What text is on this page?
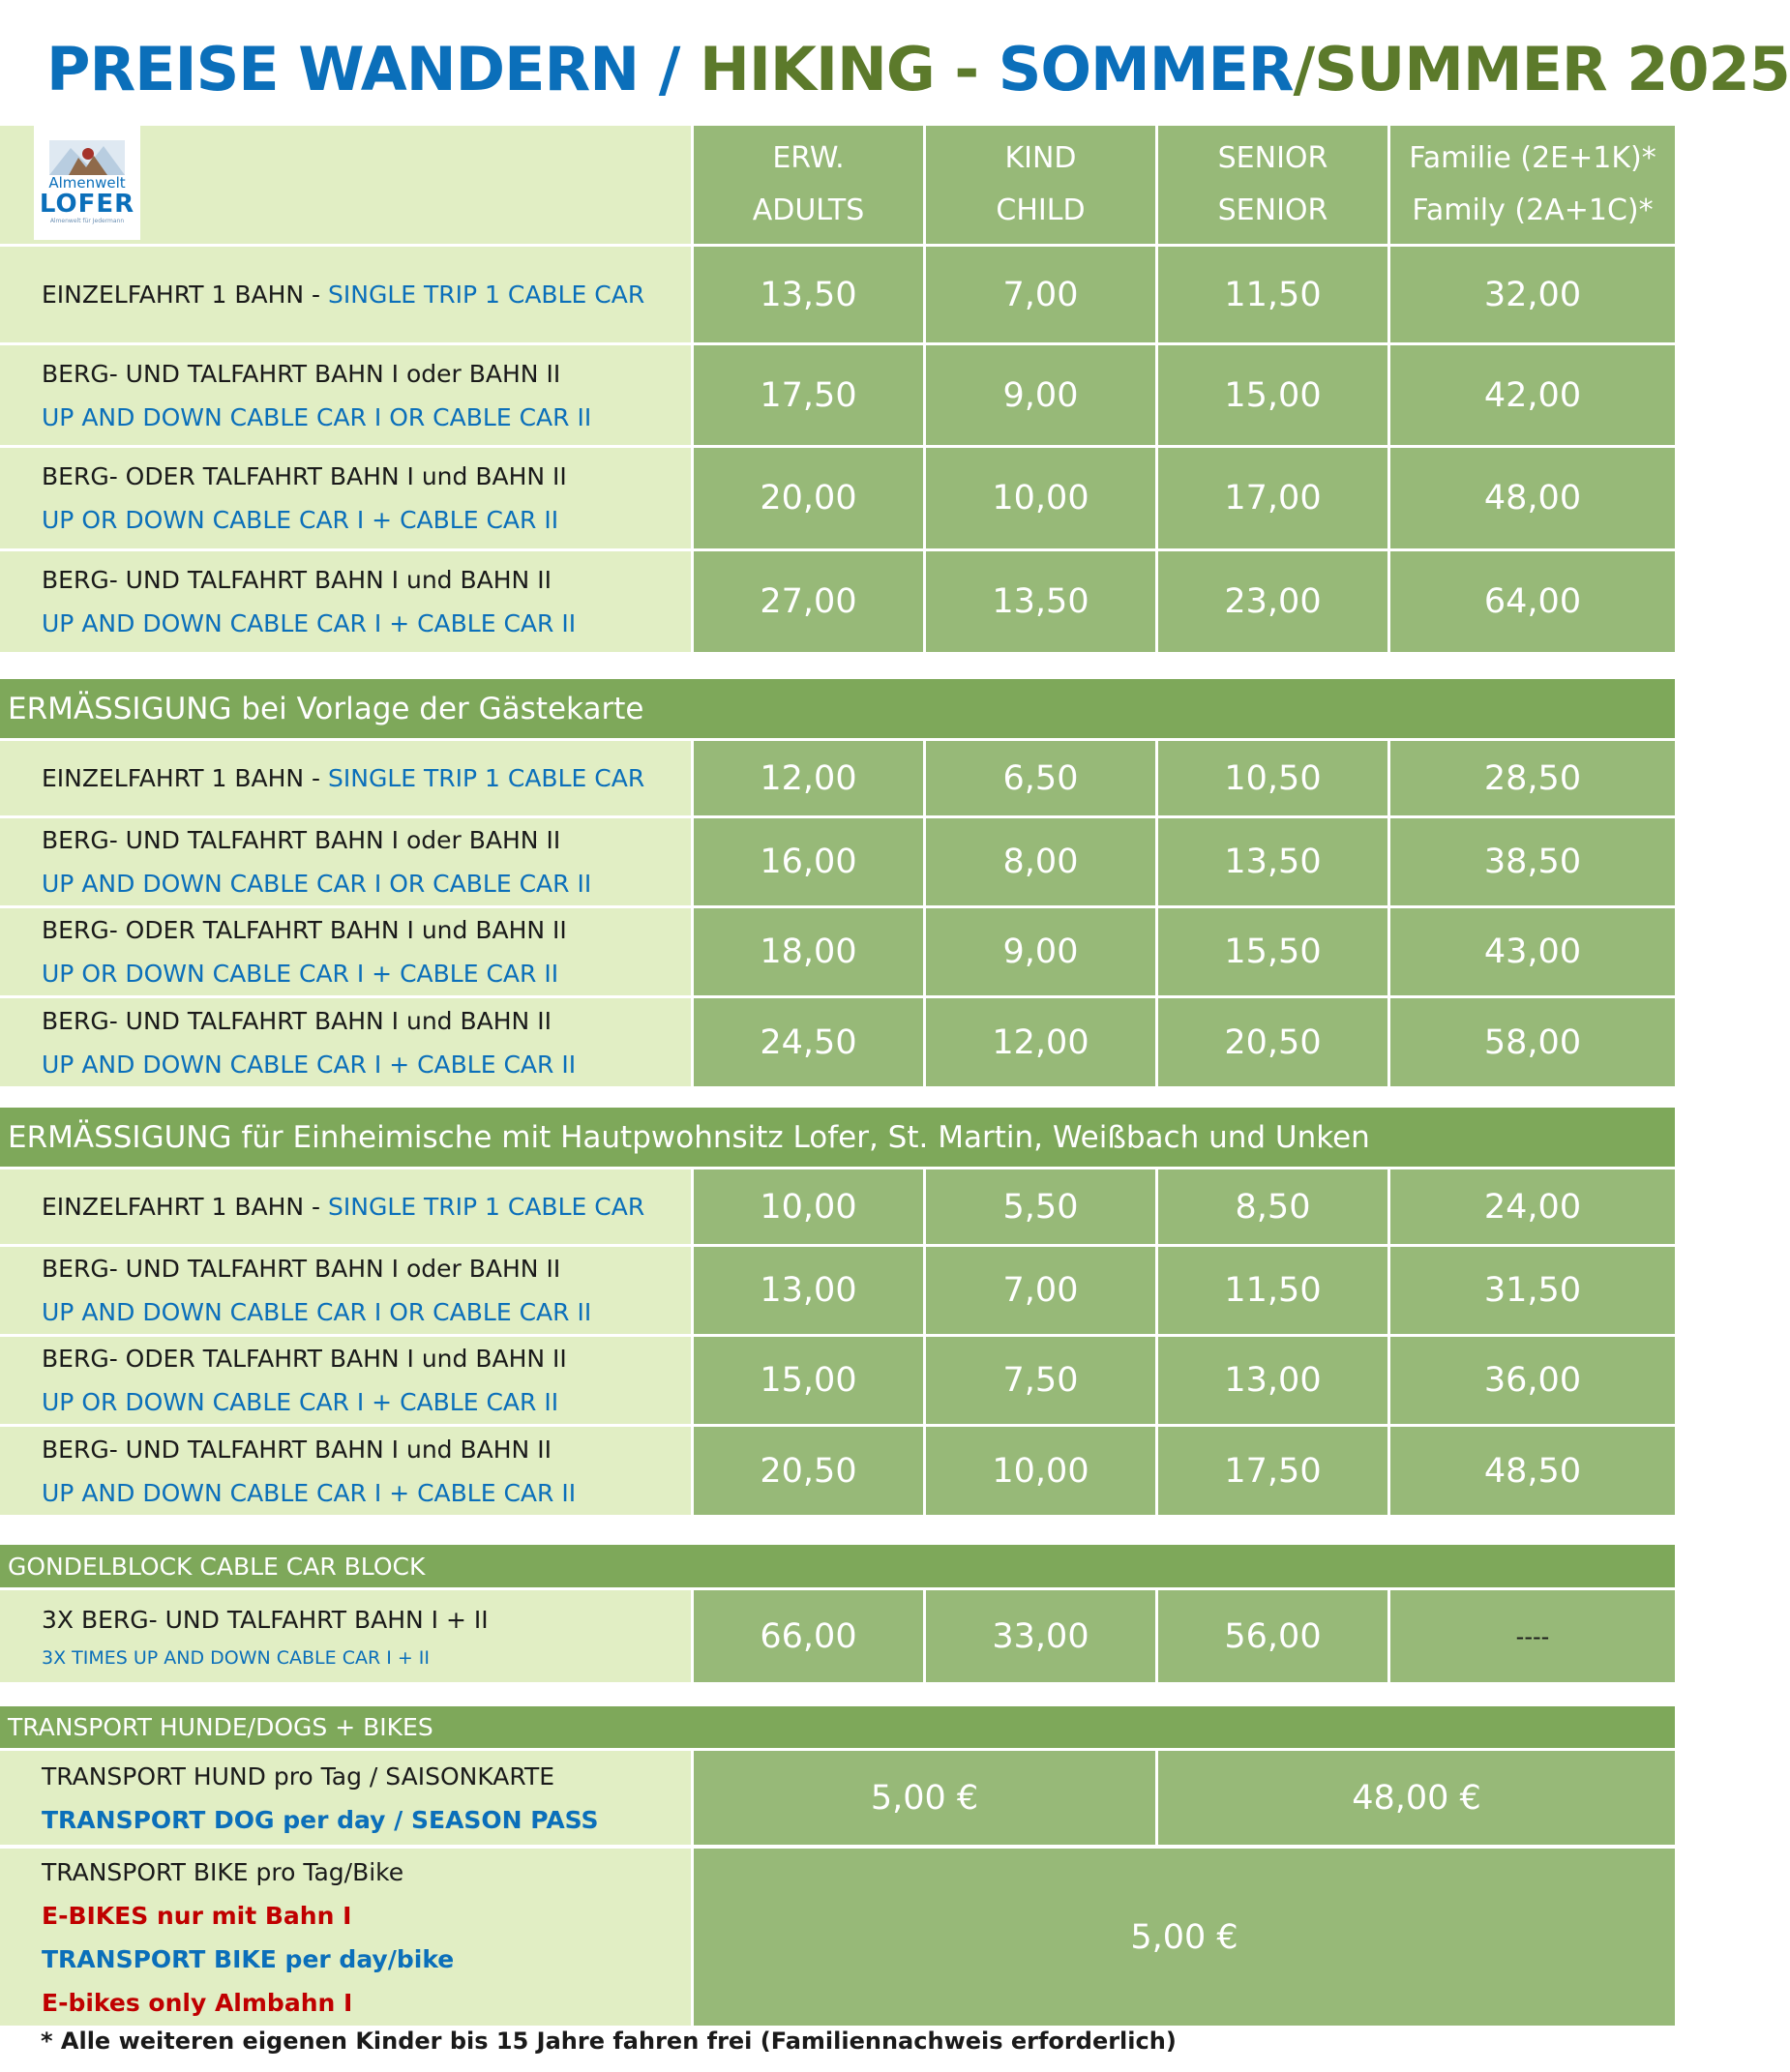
PREISE WANDERN / HIKING - SOMMER/SUMMER 2025
ERW.
ADULTS
KIND
CHILD
SENIOR
SENIOR
Familie (2E+1K)*
Family (2A+1C)*
Almenwelt
LOFER
Almenwelt für Jedermann
EINZELFAHRT 1 BAHN - SINGLE TRIP 1 CABLE CAR	13,50	7,00	11,50	32,00
BERG- UND TALFAHRT BAHN I oder BAHN II
UP AND DOWN CABLE CAR I OR CABLE CAR II
17,50	9,00	15,00	42,00
BERG- ODER TALFAHRT BAHN I und BAHN II
UP OR DOWN CABLE CAR I + CABLE CAR II
20,00	10,00	17,00	48,00
BERG- UND TALFAHRT BAHN I und BAHN II
UP AND DOWN CABLE CAR I + CABLE CAR II
27,00	13,50	23,00	64,00
ERMÄSSIGUNG bei Vorlage der Gästekarte
EINZELFAHRT 1 BAHN - SINGLE TRIP 1 CABLE CAR	12,00	6,50	10,50	28,50
BERG- UND TALFAHRT BAHN I oder BAHN II
UP AND DOWN CABLE CAR I OR CABLE CAR II
16,00	8,00	13,50	38,50
BERG- ODER TALFAHRT BAHN I und BAHN II
UP OR DOWN CABLE CAR I + CABLE CAR II
18,00	9,00	15,50	43,00
BERG- UND TALFAHRT BAHN I und BAHN II
UP AND DOWN CABLE CAR I + CABLE CAR II
24,50	12,00	20,50	58,00
ERMÄSSIGUNG für Einheimische mit Hautpwohnsitz Lofer, St. Martin, Weißbach und Unken
EINZELFAHRT 1 BAHN - SINGLE TRIP 1 CABLE CAR	10,00	5,50	8,50	24,00
BERG- UND TALFAHRT BAHN I oder BAHN II
UP AND DOWN CABLE CAR I OR CABLE CAR II
13,00	7,00	11,50	31,50
BERG- ODER TALFAHRT BAHN I und BAHN II
UP OR DOWN CABLE CAR I + CABLE CAR II
15,00	7,50	13,00	36,00
BERG- UND TALFAHRT BAHN I und BAHN II
UP AND DOWN CABLE CAR I + CABLE CAR II
20,50	10,00	17,50	48,50
GONDELBLOCK CABLE CAR BLOCK
3X BERG- UND TALFAHRT BAHN I + II
3X TIMES UP AND DOWN CABLE CAR I + II
66,00	33,00	56,00	----
TRANSPORT HUNDE/DOGS + BIKES
TRANSPORT HUND pro Tag / SAISONKARTE
TRANSPORT DOG per day / SEASON PASS
5,00 €	48,00 €
TRANSPORT BIKE pro Tag/Bike
E-BIKES nur mit Bahn I
TRANSPORT BIKE per day/bike
E-bikes only Almbahn I
5,00 €
* Alle weiteren eigenen Kinder bis 15 Jahre fahren frei (Familiennachweis erforderlich)
